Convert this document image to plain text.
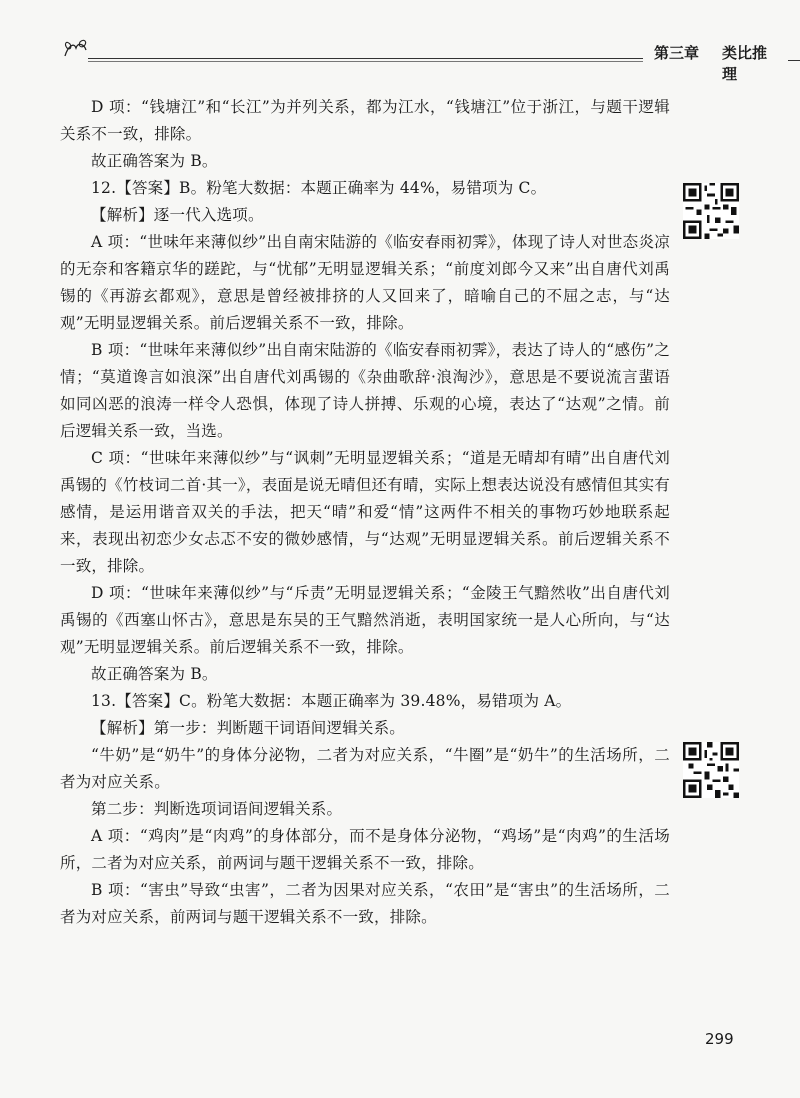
第三章 类比推理

D 项：“钱塘江”和“长江”为并列关系，都为江水，“钱塘江”位于浙江，与题干逻辑关系不一致，排除。

故正确答案为 B。

12.【答案】B。粉笔大数据：本题正确率为 44%，易错项为 C。

【解析】逐一代入选项。

A 项：“世味年来薄似纱”出自南宋陆游的《临安春雨初霁》，体现了诗人对世态炎凉的无奈和客籍京华的蹉跎，与“忧郁”无明显逻辑关系；“前度刘郎今又来”出自唐代刘禹锡的《再游玄都观》，意思是曾经被排挤的人又回来了，暗喻自己的不屈之志，与“达观”无明显逻辑关系。前后逻辑关系不一致，排除。

B 项：“世味年来薄似纱”出自南宋陆游的《临安春雨初霁》，表达了诗人的“感伤”之情；“莫道谗言如浪深”出自唐代刘禹锡的《杂曲歌辞·浪淘沙》，意思是不要说流言蜚语如同凶恶的浪涛一样令人恐惧，体现了诗人拼搏、乐观的心境，表达了“达观”之情。前后逻辑关系一致，当选。

C 项：“世味年来薄似纱”与“讽刺”无明显逻辑关系；“道是无晴却有晴”出自唐代刘禹锡的《竹枝词二首·其一》，表面是说无晴但还有晴，实际上想表达说没有感情但其实有感情，是运用谐音双关的手法，把天“晴”和爱“情”这两件不相关的事物巧妙地联系起来，表现出初恋少女忐忑不安的微妙感情，与“达观”无明显逻辑关系。前后逻辑关系不一致，排除。

D 项：“世味年来薄似纱”与“斥责”无明显逻辑关系；“金陵王气黯然收”出自唐代刘禹锡的《西塞山怀古》，意思是东吴的王气黯然消逝，表明国家统一是人心所向，与“达观”无明显逻辑关系。前后逻辑关系不一致，排除。

故正确答案为 B。

13.【答案】C。粉笔大数据：本题正确率为 39.48%，易错项为 A。

【解析】第一步：判断题干词语间逻辑关系。

“牛奶”是“奶牛”的身体分泌物，二者为对应关系，“牛圈”是“奶牛”的生活场所，二者为对应关系。

第二步：判断选项词语间逻辑关系。

A 项：“鸡肉”是“肉鸡”的身体部分，而不是身体分泌物，“鸡场”是“肉鸡”的生活场所，二者为对应关系，前两词与题干逻辑关系不一致，排除。

B 项：“害虫”导致“虫害”，二者为因果对应关系，“农田”是“害虫”的生活场所，二者为对应关系，前两词与题干逻辑关系不一致，排除。

299
